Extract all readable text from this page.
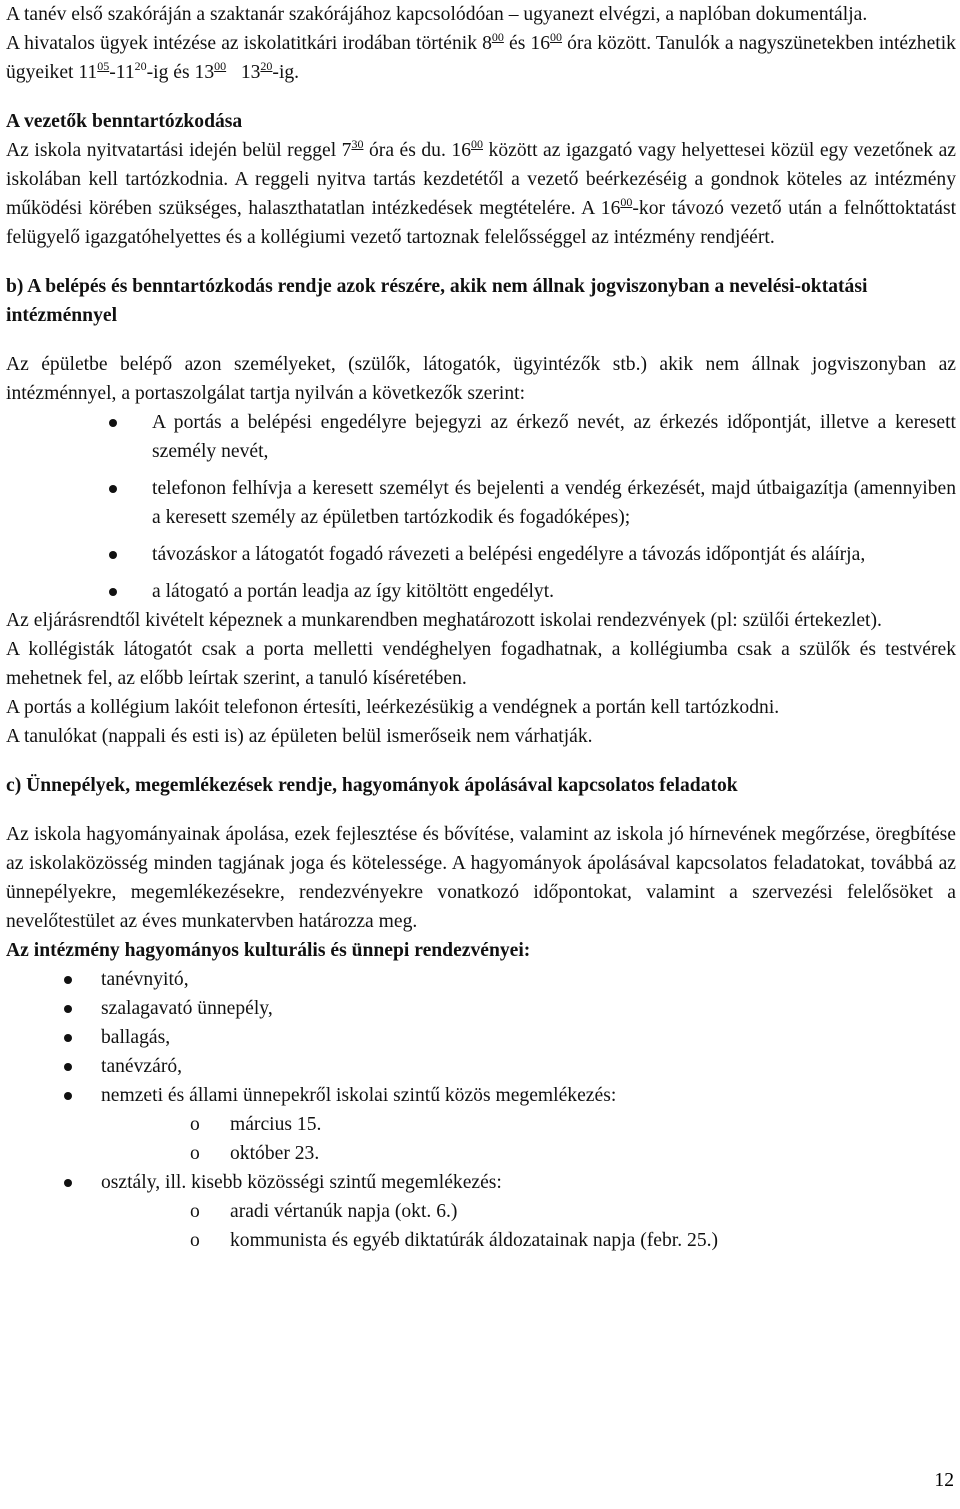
A tanév első szakóráján a szaktanár szakórájához kapcsolódóan – ugyanezt elvégzi, a naplóban dokumentálja.

A hivatalos ügyek intézése az iskolatitkári irodában történik $8^{00}$ és $16^{00}$ óra között. Tanulók a nagyszünetekben intézhetik ügyeiket $11^{05}-11^{20}-ig$ és $13^{00}$   $13^{20}-ig$.

A vezetők benntartózkodása

Az iskola nyitvatartási idején belül reggel $7^{30}$ óra és du. $16^{00}$ között az igazgató vagy helyettesei közül egy vezetőnek az iskolában kell tartózkodnia. A reggeli nyitva tartás kezdetétől a vezető beérkezéséig a gondnok köteles az intézmény működési körében szükséges, halaszthatatlan intézkedések megtételére. A $16^{00}$-kor távozó vezető után a felnőttoktatást felügyelő igazgatóhelyettes és a kollégiumi vezető tartoznak felelősséggel az intézmény rendjéért.

b) A belépés és benntartózkodás rendje azok részére, akik nem állnak jogviszonyban a nevelési-oktatási intézménnyel

Az épületbe belépő azon személyeket, (szülők, látogatók, ügyintézők stb.) akik nem állnak jogviszonyban az intézménnyel, a portaszolgálat tartja nyilván a következők szerint:

A portás a belépési engedélyre bejegyzi az érkező nevét, az érkezés időpontját, illetve a keresett személy nevét,
telefonon felhívja a keresett személyt és bejelenti a vendég érkezését, majd útbaigazítja (amennyiben a keresett személy az épületben tartózkodik és fogadóképes);
távozáskor a látogatót fogadó rávezeti a belépési engedélyre a távozás időpontját és aláírja,
a látogató a portán leadja az így kitöltött engedélyt.

Az eljárásrendtől kivételt képeznek a munkarendben meghatározott iskolai rendezvények (pl: szülői értekezlet).

A kollégisták látogatót csak a porta melletti vendéghelyen fogadhatnak, a kollégiumba csak a szülők és testvérek mehetnek fel, az előbb leírtak szerint, a tanuló kíséretében.

A portás a kollégium lakóit telefonon értesíti, leérkezésükig a vendégnek a portán kell tartózkodni.

A tanulókat (nappali és esti is) az épületen belül ismerőseik nem várhatják.

c) Ünnepélyek, megemlékezések rendje, hagyományok ápolásával kapcsolatos feladatok

Az iskola hagyományainak ápolása, ezek fejlesztése és bővítése, valamint az iskola jó hírnevének megőrzése, öregbítése az iskolaközösség minden tagjának joga és kötelessége. A hagyományok ápolásával kapcsolatos feladatokat, továbbá az ünnepélyekre, megemlékezésekre, rendezvényekre vonatkozó időpontokat, valamint a szervezési felelősöket a nevelőtestület az éves munkatervben határozza meg.

Az intézmény hagyományos kulturális és ünnepi rendezvényei:

tanévnyitó,
szalagavató ünnepély,
ballagás,
tanévzáró,
nemzeti és állami ünnepekről iskolai szintű közös megemlékezés:
o március 15.
o október 23.
osztály, ill. kisebb közösségi szintű megemlékezés:
o aradi vértanúk napja (okt. 6.)
o kommunista és egyéb diktatúrák áldozatainak napja (febr. 25.)
12
